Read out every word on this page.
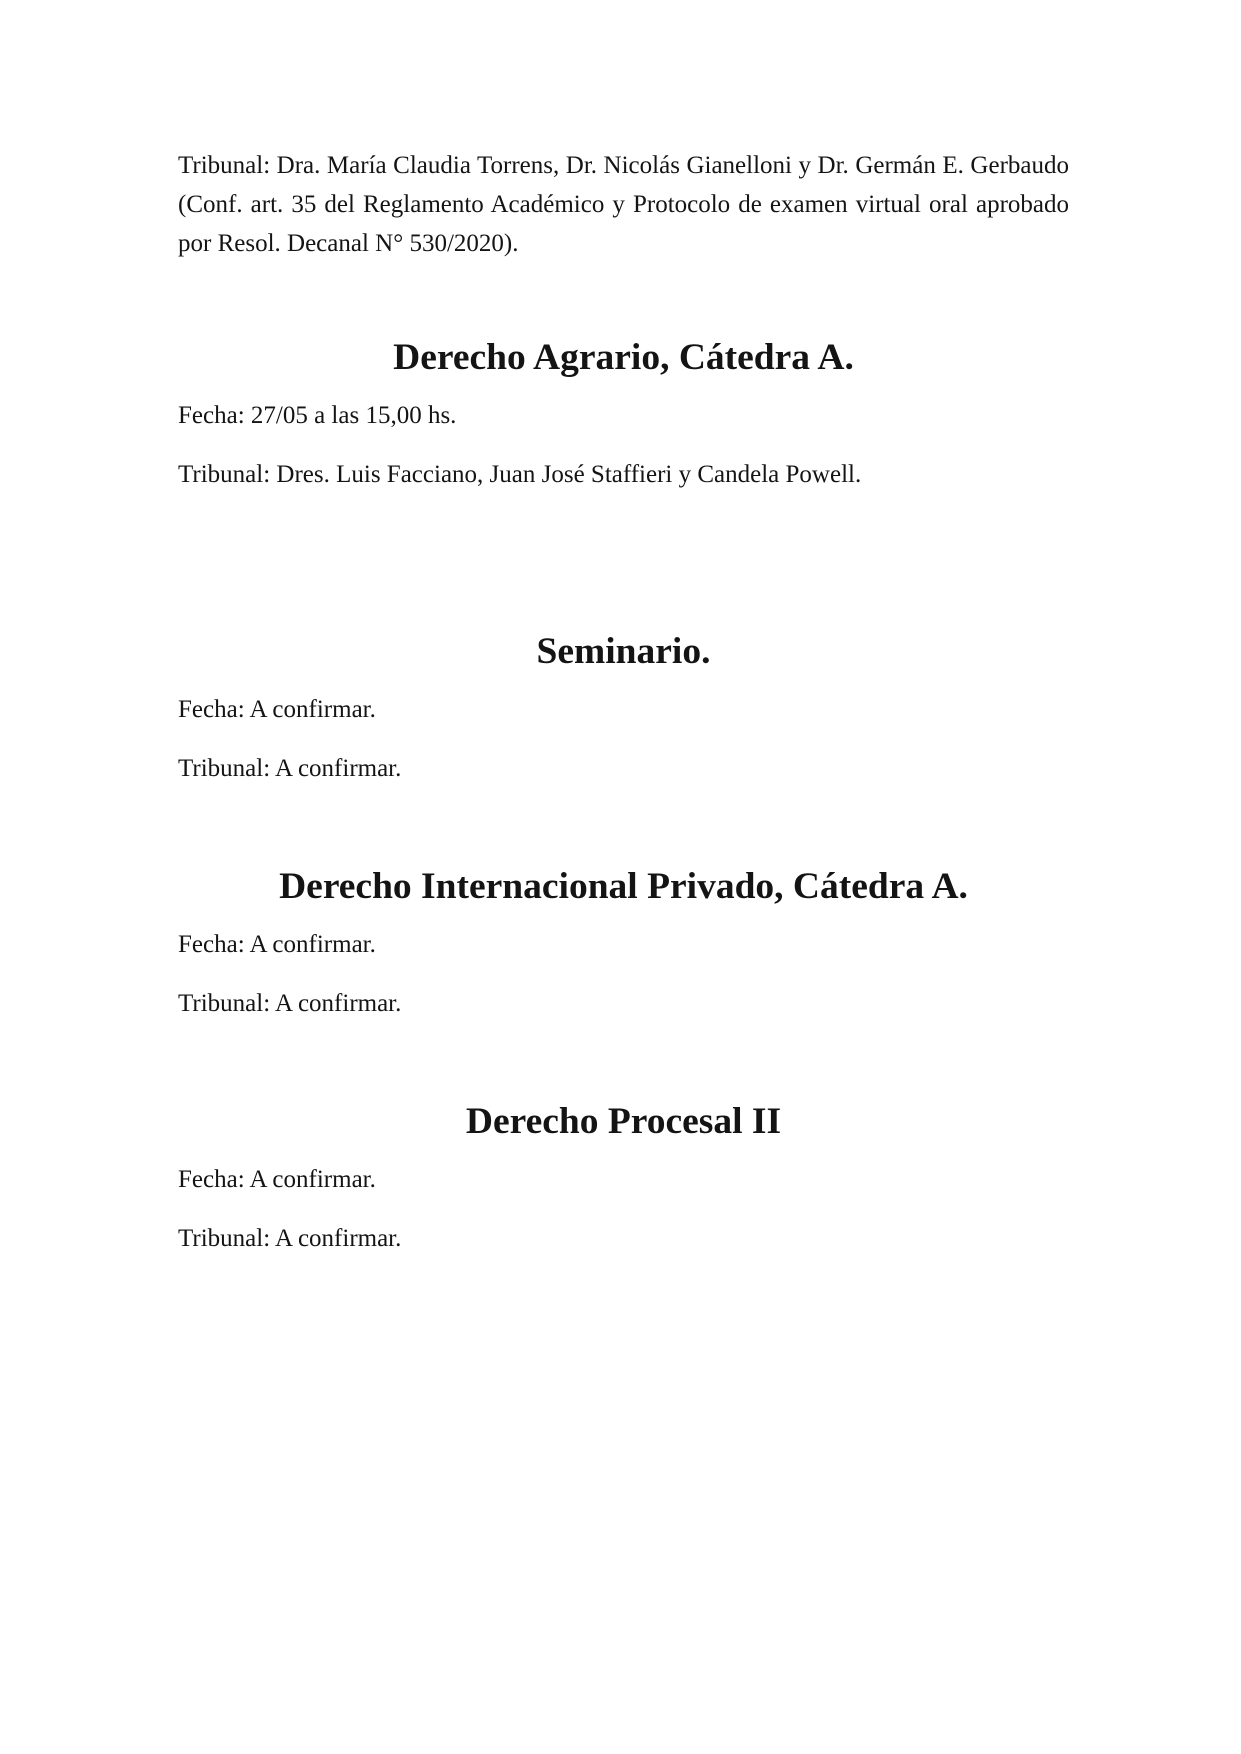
Tribunal: Dra. María Claudia Torrens, Dr. Nicolás Gianelloni y Dr. Germán E. Gerbaudo (Conf. art. 35 del Reglamento Académico y Protocolo de examen virtual oral aprobado por Resol. Decanal N° 530/2020).

Derecho Agrario, Cátedra A.

Fecha: 27/05 a las 15,00 hs.

Tribunal: Dres. Luis Facciano, Juan José Staffieri y Candela Powell.

Seminario.

Fecha: A confirmar.

Tribunal: A confirmar.

Derecho Internacional Privado, Cátedra A.

Fecha: A confirmar.

Tribunal: A confirmar.

Derecho Procesal II

Fecha: A confirmar.

Tribunal: A confirmar.
